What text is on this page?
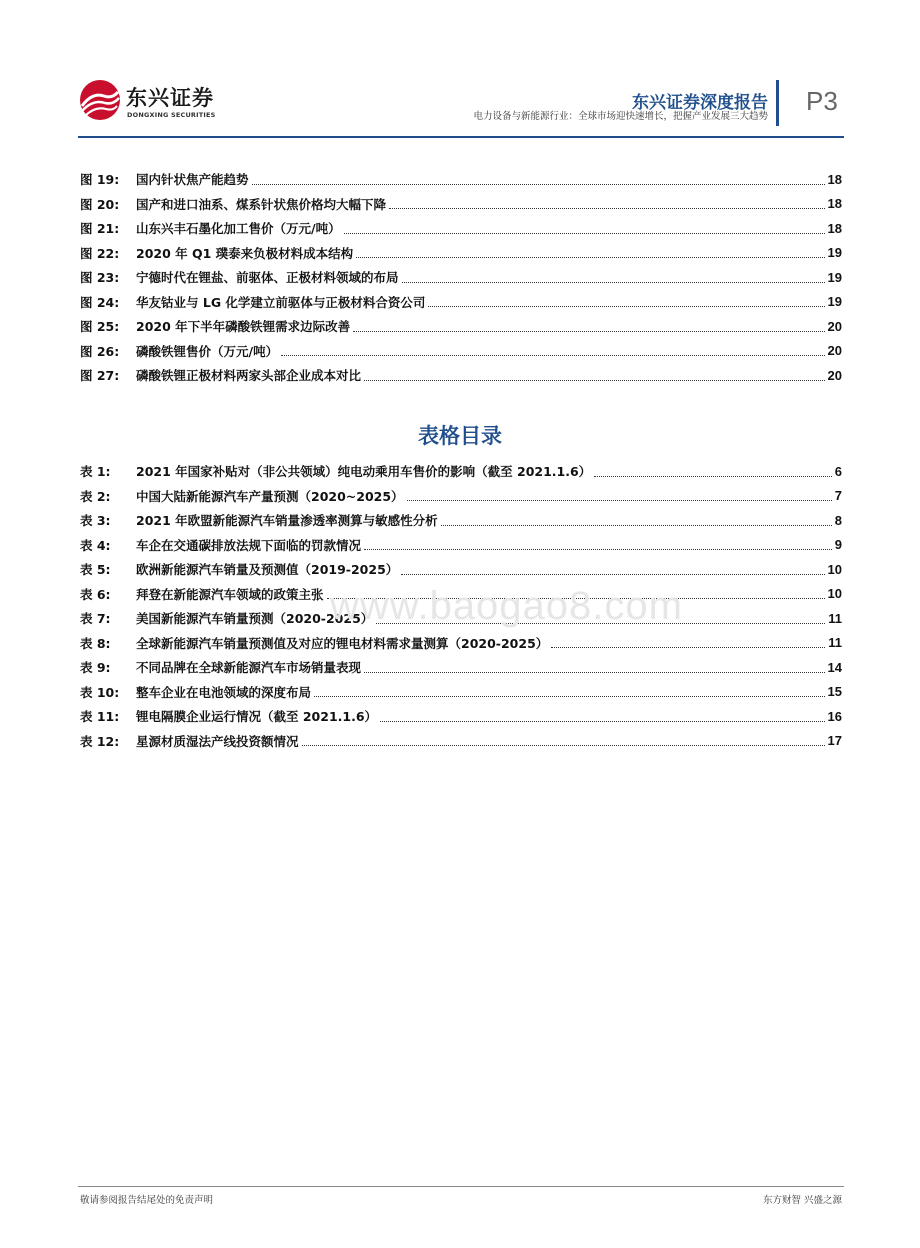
东兴证券
DONGXING SECURITIES
东兴证券深度报告
电力设备与新能源行业：全球市场迎快速增长，把握产业发展三大趋势
P3
图 19:	国内针状焦产能趋势	18
图 20:	国产和进口油系、煤系针状焦价格均大幅下降	18
图 21:	山东兴丰石墨化加工售价（万元/吨）	18
图 22:	2020 年 Q1 璞泰来负极材料成本结构	19
图 23:	宁德时代在锂盐、前驱体、正极材料领域的布局	19
图 24:	华友钴业与 LG 化学建立前驱体与正极材料合资公司	19
图 25:	2020 年下半年磷酸铁锂需求边际改善	20
图 26:	磷酸铁锂售价（万元/吨）	20
图 27:	磷酸铁锂正极材料两家头部企业成本对比	20
表格目录
表 1:	2021 年国家补贴对（非公共领域）纯电动乘用车售价的影响（截至 2021.1.6）	6
表 2:	中国大陆新能源汽车产量预测（2020~2025）	7
表 3:	2021 年欧盟新能源汽车销量渗透率测算与敏感性分析	8
表 4:	车企在交通碳排放法规下面临的罚款情况	9
表 5:	欧洲新能源汽车销量及预测值（2019-2025）	10
表 6:	拜登在新能源汽车领域的政策主张	10
表 7:	美国新能源汽车销量预测（2020-2025）	11
表 8:	全球新能源汽车销量预测值及对应的锂电材料需求量测算（2020-2025）	11
表 9:	不同品牌在全球新能源汽车市场销量表现	14
表 10:	整车企业在电池领域的深度布局	15
表 11:	锂电隔膜企业运行情况（截至 2021.1.6）	16
表 12:	星源材质湿法产线投资额情况	17
www.baogao8.com
敬请参阅报告结尾处的免责声明	东方财智 兴盛之源
